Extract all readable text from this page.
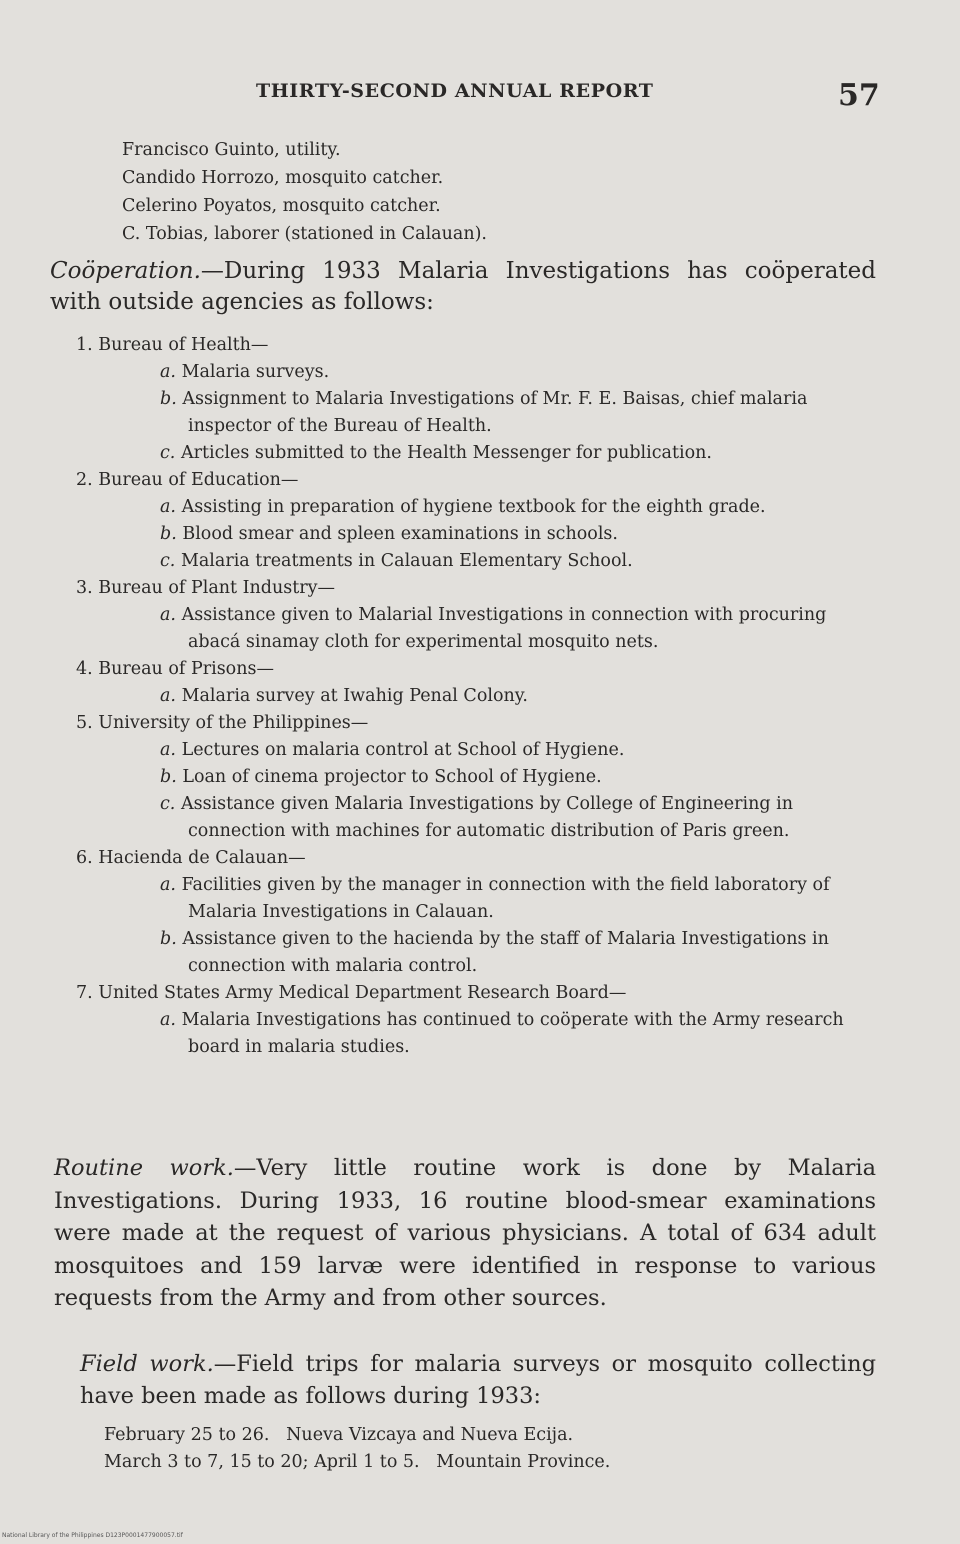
THIRTY-SECOND ANNUAL REPORT	57
Francisco Guinto, utility.
Candido Horrozo, mosquito catcher.
Celerino Poyatos, mosquito catcher.
C. Tobias, laborer (stationed in Calauan).
Coöperation.—During 1933 Malaria Investigations has coöperated with outside agencies as follows:
1. Bureau of Health—
a. Malaria surveys.
b. Assignment to Malaria Investigations of Mr. F. E. Baisas, chief malaria inspector of the Bureau of Health.
c. Articles submitted to the Health Messenger for publication.
2. Bureau of Education—
a. Assisting in preparation of hygiene textbook for the eighth grade.
b. Blood smear and spleen examinations in schools.
c. Malaria treatments in Calauan Elementary School.
3. Bureau of Plant Industry—
a. Assistance given to Malarial Investigations in connection with procuring abacá sinamay cloth for experimental mosquito nets.
4. Bureau of Prisons—
a. Malaria survey at Iwahig Penal Colony.
5. University of the Philippines—
a. Lectures on malaria control at School of Hygiene.
b. Loan of cinema projector to School of Hygiene.
c. Assistance given Malaria Investigations by College of Engineering in connection with machines for automatic distribution of Paris green.
6. Hacienda de Calauan—
a. Facilities given by the manager in connection with the field laboratory of Malaria Investigations in Calauan.
b. Assistance given to the hacienda by the staff of Malaria Investigations in connection with malaria control.
7. United States Army Medical Department Research Board—
a. Malaria Investigations has continued to coöperate with the Army research board in malaria studies.
Routine work.—Very little routine work is done by Malaria Investigations. During 1933, 16 routine blood-smear examinations were made at the request of various physicians. A total of 634 adult mosquitoes and 159 larvæ were identified in response to various requests from the Army and from other sources.
Field work.—Field trips for malaria surveys or mosquito collecting have been made as follows during 1933:
February 25 to 26.   Nueva Vizcaya and Nueva Ecija.
March 3 to 7, 15 to 20; April 1 to 5.   Mountain Province.
National Library of the Philippines D123P0001477900057.tif
